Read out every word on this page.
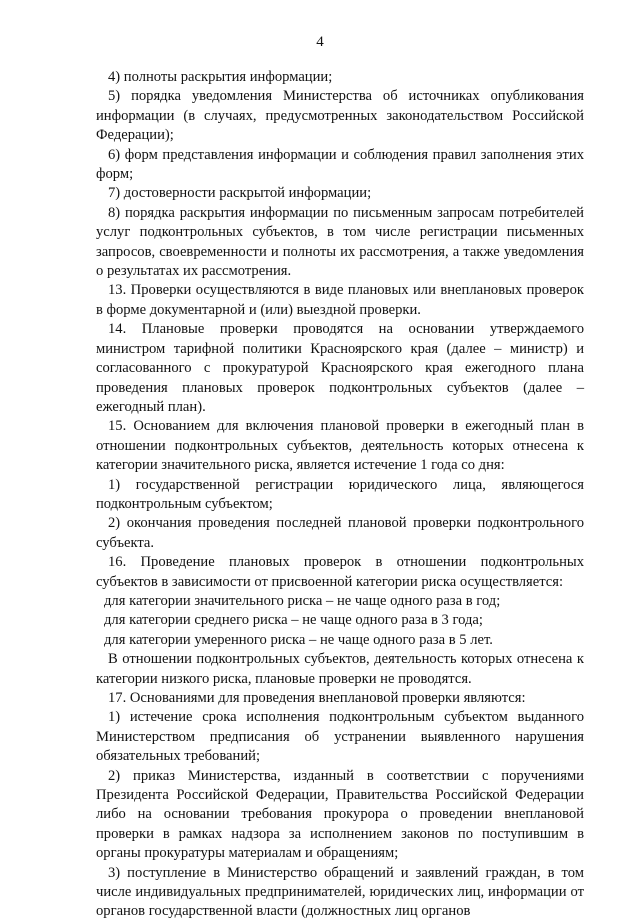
4

4) полноты раскрытия информации;

5) порядка уведомления Министерства об источниках опубликования информации (в случаях, предусмотренных законодательством Российской Федерации);

6) форм представления информации и соблюдения правил заполнения этих форм;

7) достоверности раскрытой информации;

8) порядка раскрытия информации по письменным запросам потребителей услуг подконтрольных субъектов, в том числе регистрации письменных запросов, своевременности и полноты их рассмотрения, а также уведомления о результатах их рассмотрения.

13. Проверки осуществляются в виде плановых или внеплановых проверок в форме документарной и (или) выездной проверки.

14. Плановые проверки проводятся на основании утверждаемого министром тарифной политики Красноярского края (далее – министр) и согласованного с прокуратурой Красноярского края ежегодного плана проведения плановых проверок подконтрольных субъектов (далее – ежегодный план).

15. Основанием для включения плановой проверки в ежегодный план в отношении подконтрольных субъектов, деятельность которых отнесена к категории значительного риска, является истечение 1 года со дня:

1) государственной регистрации юридического лица, являющегося подконтрольным субъектом;

2) окончания проведения последней плановой проверки подконтрольного субъекта.

16. Проведение плановых проверок в отношении подконтрольных субъектов в зависимости от присвоенной категории риска осуществляется:

для категории значительного риска – не чаще одного раза в год;

для категории среднего риска – не чаще одного раза в 3 года;

для категории умеренного риска – не чаще одного раза в 5 лет.

В отношении подконтрольных субъектов, деятельность которых отнесена к категории низкого риска, плановые проверки не проводятся.

17. Основаниями для проведения внеплановой проверки являются:

1) истечение срока исполнения подконтрольным субъектом выданного Министерством предписания об устранении выявленного нарушения обязательных требований;

2) приказ Министерства, изданный в соответствии с поручениями Президента Российской Федерации, Правительства Российской Федерации либо на основании требования прокурора о проведении внеплановой проверки в рамках надзора за исполнением законов по поступившим в органы прокуратуры материалам и обращениям;

3) поступление в Министерство обращений и заявлений граждан, в том числе индивидуальных предпринимателей, юридических лиц, информации от органов государственной власти (должностных лиц органов
